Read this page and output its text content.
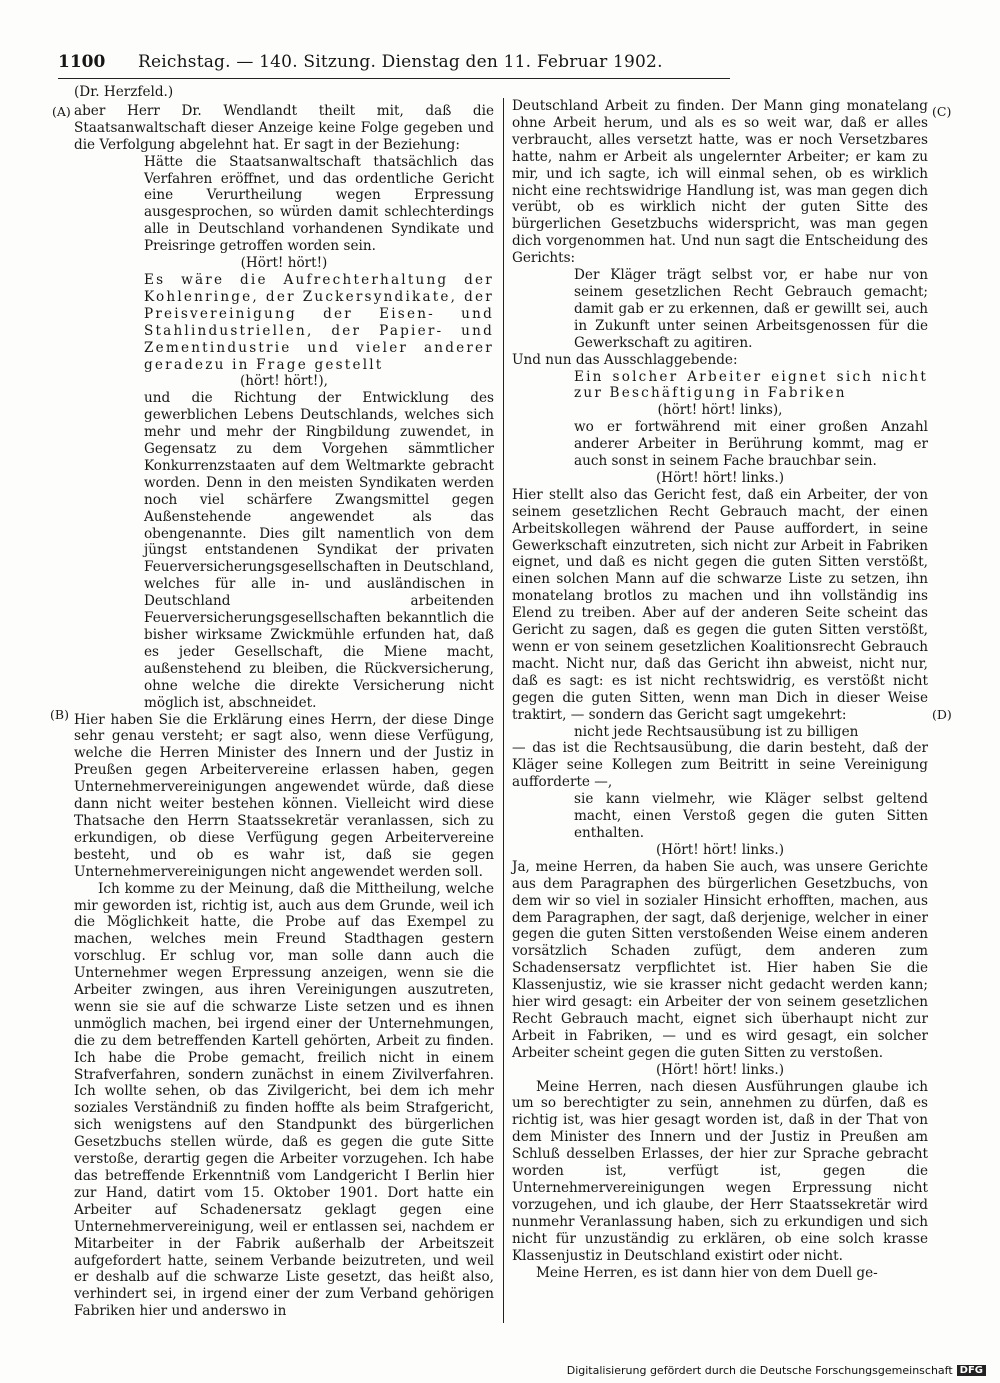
1100 Reichstag. — 140. Sitzung. Dienstag den 11. Februar 1902.
(A)
(B)
(C)
(D)

(Dr. Herzfeld.)

aber Herr Dr. Wendlandt theilt mit, daß die Staatsanwaltschaft dieser Anzeige keine Folge gegeben und die Verfolgung abgelehnt hat. Er sagt in der Beziehung:

Hätte die Staatsanwaltschaft thatsächlich das Verfahren eröffnet, und das ordentliche Gericht eine Verurtheilung wegen Erpressung ausgesprochen, so würden damit schlechterdings alle in Deutschland vorhandenen Syndikate und Preisringe getroffen worden sein.

(Hört! hört!)

Es wäre die Aufrechterhaltung der Kohlenringe, der Zuckersyndikate, der Preisvereinigung der Eisen- und Stahlindustriellen, der Papier- und Zementindustrie und vieler anderer geradezu in Frage gestellt

(hört! hört!),

und die Richtung der Entwicklung des gewerblichen Lebens Deutschlands, welches sich mehr und mehr der Ringbildung zuwendet, in Gegensatz zu dem Vorgehen sämmtlicher Konkurrenzstaaten auf dem Weltmarkte gebracht worden. Denn in den meisten Syndikaten werden noch viel schärfere Zwangsmittel gegen Außenstehende angewendet als das obengenannte. Dies gilt namentlich von dem jüngst entstandenen Syndikat der privaten Feuerversicherungsgesellschaften in Deutschland, welches für alle in- und ausländischen in Deutschland arbeitenden Feuerversicherungsgesellschaften bekanntlich die bisher wirksame Zwickmühle erfunden hat, daß es jeder Gesellschaft, die Miene macht, außenstehend zu bleiben, die Rückversicherung, ohne welche die direkte Versicherung nicht möglich ist, abschneidet.

Hier haben Sie die Erklärung eines Herrn, der diese Dinge sehr genau versteht; er sagt also, wenn diese Verfügung, welche die Herren Minister des Innern und der Justiz in Preußen gegen Arbeitervereine erlassen haben, gegen Unternehmervereinigungen angewendet würde, daß diese dann nicht weiter bestehen können. Vielleicht wird diese Thatsache den Herrn Staatssekretär veranlassen, sich zu erkundigen, ob diese Verfügung gegen Arbeitervereine besteht, und ob es wahr ist, daß sie gegen Unternehmervereinigungen nicht angewendet werden soll.

Ich komme zu der Meinung, daß die Mittheilung, welche mir geworden ist, richtig ist, auch aus dem Grunde, weil ich die Möglichkeit hatte, die Probe auf das Exempel zu machen, welches mein Freund Stadthagen gestern vorschlug. Er schlug vor, man solle dann auch die Unternehmer wegen Erpressung anzeigen, wenn sie die Arbeiter zwingen, aus ihren Vereinigungen auszutreten, wenn sie sie auf die schwarze Liste setzen und es ihnen unmöglich machen, bei irgend einer der Unternehmungen, die zu dem betreffenden Kartell gehörten, Arbeit zu finden. Ich habe die Probe gemacht, freilich nicht in einem Strafverfahren, sondern zunächst in einem Zivilverfahren. Ich wollte sehen, ob das Zivilgericht, bei dem ich mehr soziales Verständniß zu finden hoffte als beim Strafgericht, sich wenigstens auf den Standpunkt des bürgerlichen Gesetzbuchs stellen würde, daß es gegen die gute Sitte verstoße, derartig gegen die Arbeiter vorzugehen. Ich habe das betreffende Erkenntniß vom Landgericht I Berlin hier zur Hand, datirt vom 15. Oktober 1901. Dort hatte ein Arbeiter auf Schadenersatz geklagt gegen eine Unternehmervereinigung, weil er entlassen sei, nachdem er Mitarbeiter in der Fabrik außerhalb der Arbeitszeit aufgefordert hatte, seinem Verbande beizutreten, und weil er deshalb auf die schwarze Liste gesetzt, das heißt also, verhindert sei, in irgend einer der zum Verband gehörigen Fabriken hier und anderswo in

Deutschland Arbeit zu finden. Der Mann ging monatelang ohne Arbeit herum, und als es so weit war, daß er alles verbraucht, alles versetzt hatte, was er noch Versetzbares hatte, nahm er Arbeit als ungelernter Arbeiter; er kam zu mir, und ich sagte, ich will einmal sehen, ob es wirklich nicht eine rechtswidrige Handlung ist, was man gegen dich verübt, ob es wirklich nicht der guten Sitte des bürgerlichen Gesetzbuchs widerspricht, was man gegen dich vorgenommen hat. Und nun sagt die Entscheidung des Gerichts:

Der Kläger trägt selbst vor, er habe nur von seinem gesetzlichen Recht Gebrauch gemacht; damit gab er zu erkennen, daß er gewillt sei, auch in Zukunft unter seinen Arbeitsgenossen für die Gewerkschaft zu agitiren.

Und nun das Ausschlaggebende:

Ein solcher Arbeiter eignet sich nicht zur Beschäftigung in Fabriken

(hört! hört! links),

wo er fortwährend mit einer großen Anzahl anderer Arbeiter in Berührung kommt, mag er auch sonst in seinem Fache brauchbar sein.

(Hört! hört! links.)

Hier stellt also das Gericht fest, daß ein Arbeiter, der von seinem gesetzlichen Recht Gebrauch macht, der einen Arbeitskollegen während der Pause auffordert, in seine Gewerkschaft einzutreten, sich nicht zur Arbeit in Fabriken eignet, und daß es nicht gegen die guten Sitten verstößt, einen solchen Mann auf die schwarze Liste zu setzen, ihn monatelang brotlos zu machen und ihn vollständig ins Elend zu treiben. Aber auf der anderen Seite scheint das Gericht zu sagen, daß es gegen die guten Sitten verstößt, wenn er von seinem gesetzlichen Koalitionsrecht Gebrauch macht. Nicht nur, daß das Gericht ihn abweist, nicht nur, daß es sagt: es ist nicht rechtswidrig, es verstößt nicht gegen die guten Sitten, wenn man Dich in dieser Weise traktirt, — sondern das Gericht sagt umgekehrt:

nicht jede Rechtsausübung ist zu billigen

— das ist die Rechtsausübung, die darin besteht, daß der Kläger seine Kollegen zum Beitritt in seine Vereinigung aufforderte —,

sie kann vielmehr, wie Kläger selbst geltend macht, einen Verstoß gegen die guten Sitten enthalten.

(Hört! hört! links.)

Ja, meine Herren, da haben Sie auch, was unsere Gerichte aus dem Paragraphen des bürgerlichen Gesetzbuchs, von dem wir so viel in sozialer Hinsicht erhofften, machen, aus dem Paragraphen, der sagt, daß derjenige, welcher in einer gegen die guten Sitten verstoßenden Weise einem anderen vorsätzlich Schaden zufügt, dem anderen zum Schadensersatz verpflichtet ist. Hier haben Sie die Klassenjustiz, wie sie krasser nicht gedacht werden kann; hier wird gesagt: ein Arbeiter der von seinem gesetzlichen Recht Gebrauch macht, eignet sich überhaupt nicht zur Arbeit in Fabriken, — und es wird gesagt, ein solcher Arbeiter scheint gegen die guten Sitten zu verstoßen.

(Hört! hört! links.)

Meine Herren, nach diesen Ausführungen glaube ich um so berechtigter zu sein, annehmen zu dürfen, daß es richtig ist, was hier gesagt worden ist, daß in der That von dem Minister des Innern und der Justiz in Preußen am Schluß desselben Erlasses, der hier zur Sprache gebracht worden ist, verfügt ist, gegen die Unternehmervereinigungen wegen Erpressung nicht vorzugehen, und ich glaube, der Herr Staatssekretär wird nunmehr Veranlassung haben, sich zu erkundigen und sich nicht für unzuständig zu erklären, ob eine solch krasse Klassenjustiz in Deutschland existirt oder nicht.

Meine Herren, es ist dann hier von dem Duell ge-

Digitalisierung gefördert durch die Deutsche Forschungsgemeinschaft DFG
